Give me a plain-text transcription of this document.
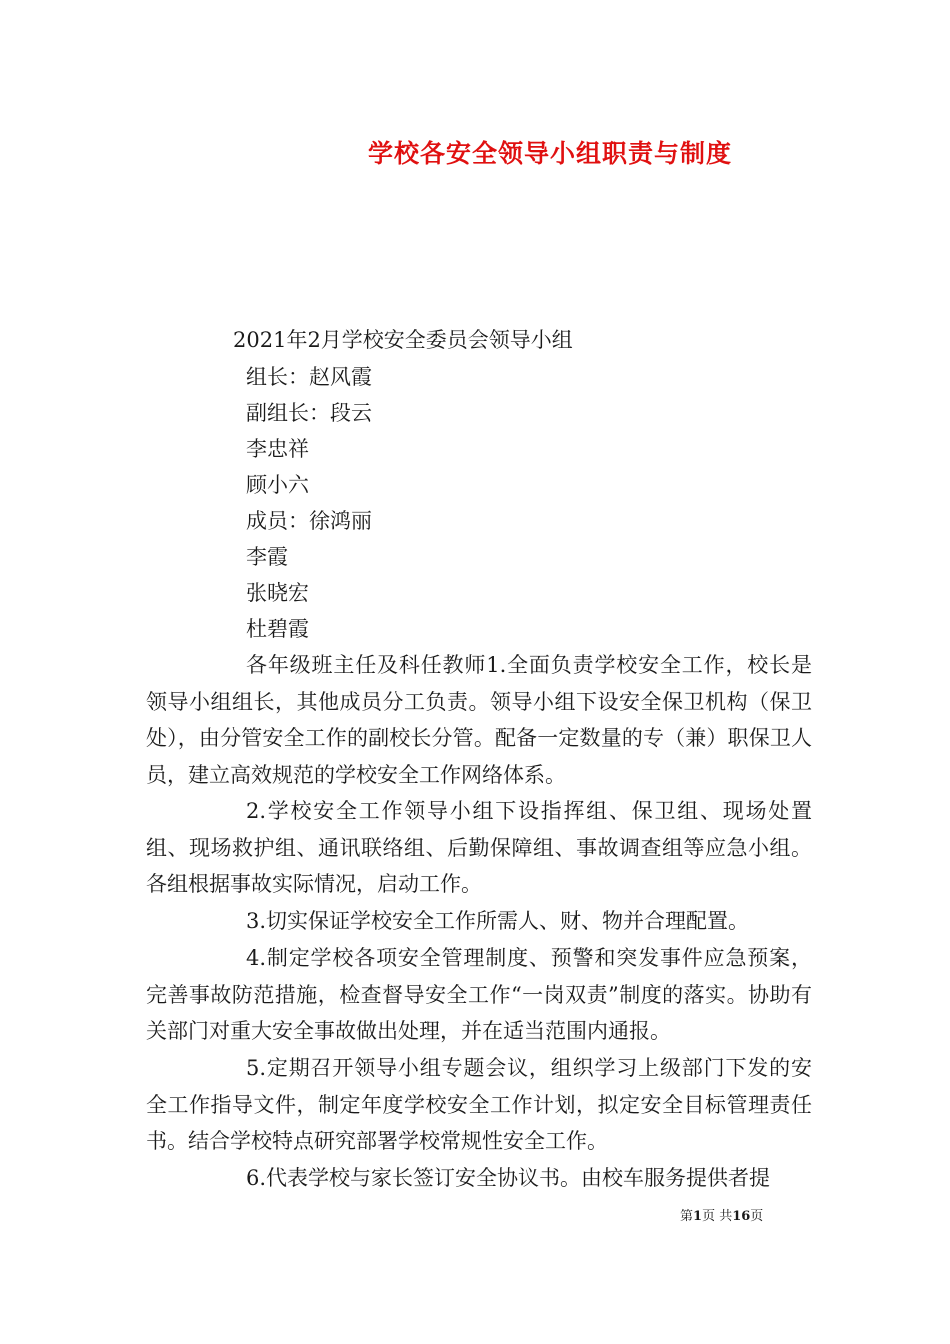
学校各安全领导小组职责与制度
2021年2月学校安全委员会领导小组
组长：赵风霞
副组长：段云
李忠祥
顾小六
成员：徐鸿丽
李霞
张晓宏
杜碧霞
各年级班主任及科任教师1.全面负责学校安全工作，校长是领导小组组长，其他成员分工负责。领导小组下设安全保卫机构（保卫处），由分管安全工作的副校长分管。配备一定数量的专（兼）职保卫人员，建立高效规范的学校安全工作网络体系。
2.学校安全工作领导小组下设指挥组、保卫组、现场处置组、现场救护组、通讯联络组、后勤保障组、事故调查组等应急小组。各组根据事故实际情况，启动工作。
3.切实保证学校安全工作所需人、财、物并合理配置。
4.制定学校各项安全管理制度、预警和突发事件应急预案，完善事故防范措施，检查督导安全工作“一岗双责”制度的落实。协助有关部门对重大安全事故做出处理，并在适当范围内通报。
5.定期召开领导小组专题会议，组织学习上级部门下发的安全工作指导文件，制定年度学校安全工作计划，拟定安全目标管理责任书。结合学校特点研究部署学校常规性安全工作。
6.代表学校与家长签订安全协议书。由校车服务提供者提
第1页 共16页
